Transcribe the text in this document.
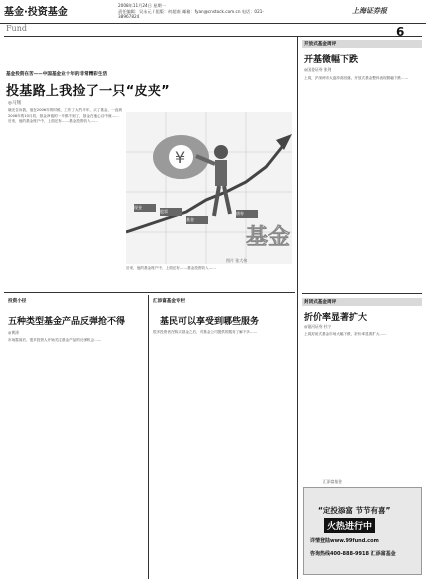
基金·投资基金
2008年11月24日 星期一
责任编辑：吴永元 / 组版：何超南 邮箱：fyan@cnstock.com.cn 电话：021-38967824
上海证券报
Fund	6
基金投资在苦——中国基金业十年的非常精彩生活
投基路上我捡了一只“皮夹”
◎马翔

晓光告诉我，他在2006年的时候，工作了大约半年，买了基金，一直到2008年的10月初，基金净值的一半都不到了，基金在他心目中就……

后来，他的基金账户中，上面还有……基金投资收入……

后来，他的基金账户中，上面还有……基金投资收入……

¥
基金
现金
股票
基金
债券
图片 张大伟
投资小径
五种类型基金产品反弹抢不得
◎黄涛

市场震荡后，很多投资人开始关注基金产品的反弹机会……

汇添富基金专栏
基民可以享受到哪些服务

很多投资者在购买基金之后，对基金公司提供的服务了解不多……

开放式基金周评
开基微幅下跌
◎国金证券 张剑

上周，沪深两市大盘冲高回落，开放式基金整体表现微幅下跌……

封闭式基金周评
折价率显著扩大
◎银河证券 杜宁

上周封闭式基金市场大幅下跌，折价率显著扩大……

汇添富基金
“定投添富 节节有喜”
火热进行中
详情登陆www.99fund.com
咨询热线400-888-9918 汇添富基金
